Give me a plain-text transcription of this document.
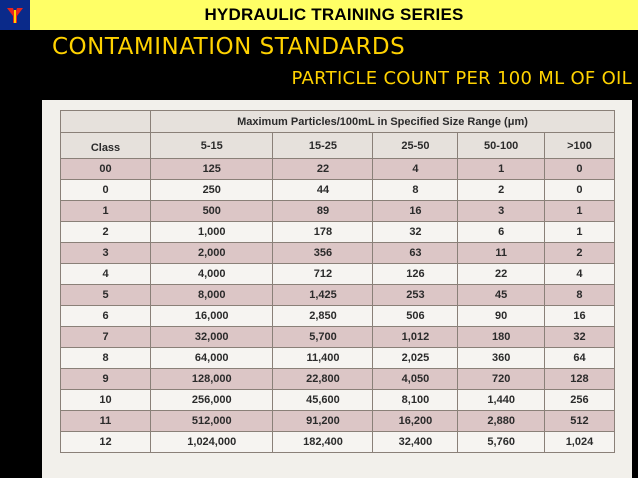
HYDRAULIC TRAINING SERIES
CONTAMINATION STANDARDS
PARTICLE COUNT PER 100 ML OF OIL
	Maximum Particles/100mL in Specified Size Range (μm)				
Class	5-15	15-25	25-50	50-100	>100
00	125	22	4	1	0
0	250	44	8	2	0
1	500	89	16	3	1
2	1,000	178	32	6	1
3	2,000	356	63	11	2
4	4,000	712	126	22	4
5	8,000	1,425	253	45	8
6	16,000	2,850	506	90	16
7	32,000	5,700	1,012	180	32
8	64,000	11,400	2,025	360	64
9	128,000	22,800	4,050	720	128
10	256,000	45,600	8,100	1,440	256
11	512,000	91,200	16,200	2,880	512
12	1,024,000	182,400	32,400	5,760	1,024
